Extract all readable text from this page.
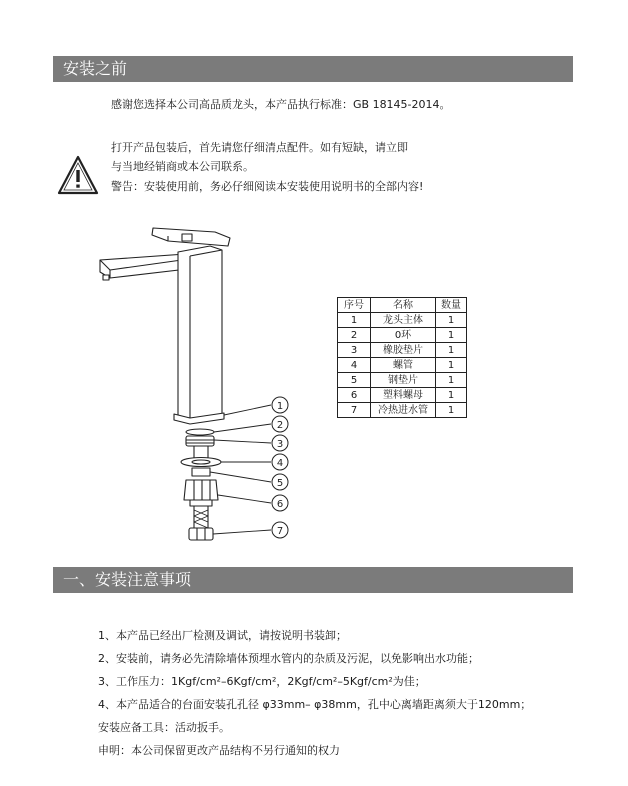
安装之前
感谢您选择本公司高品质龙头，本产品执行标准：GB 18145-2014。
打开产品包装后，首先请您仔细清点配件。如有短缺，请立即
与当地经销商或本公司联系。
警告：安装使用前，务必仔细阅读本安装使用说明书的全部内容!
1
2
3
4
5
6
7
序号	名称	数量
1	龙头主体	1
2	0环	1
3	橡胶垫片	1
4	螺管	1
5	钢垫片	1
6	塑料螺母	1
7	冷热进水管	1
一、安装注意事项
1、本产品已经出厂检测及调试，请按说明书装卸；
2、安装前，请务必先清除墙体预埋水管内的杂质及污泥，以免影响出水功能；
3、工作压力：1Kgf/cm²–6Kgf/cm²，2Kgf/cm²–5Kgf/cm²为佳；
4、本产品适合的台面安装孔孔径 φ33mm– φ38mm，孔中心离墙距离须大于120mm；
安装应备工具：活动扳手。
申明：本公司保留更改产品结构不另行通知的权力
